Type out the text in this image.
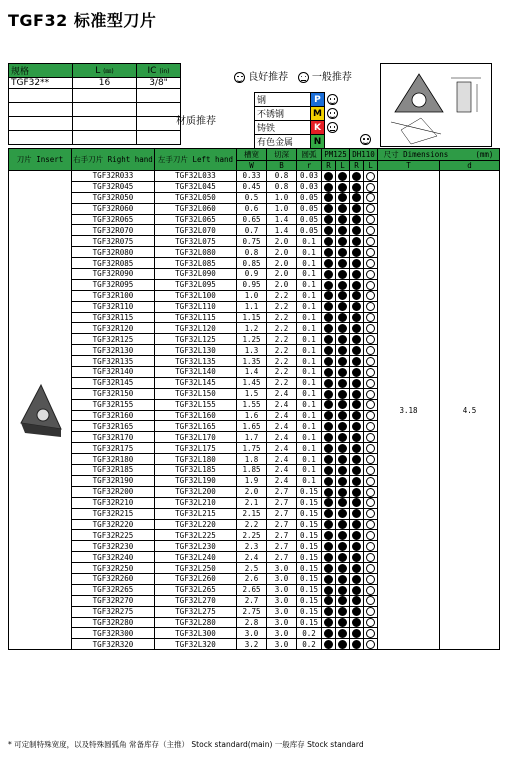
TGF32 标准型刀片
规格	L (㎜)	IC (in)
TGF32**	16	3/8"

			良好推荐 一般推荐
材质推荐
钢	P	
不锈钢	M	
铸铁	K	
有色金属	N	
刀片 Insert	右手刀片 Right hand	左手刀片 Left hand	槽宽	切深	圆弧	PM125		DH110		尺寸 Dimensions (mm)	
			W	B	r	R	L	R	L	T	d
	TGF32R033	TGF32L033	0.33	0.8	0.03					3.18	4.5
	TGF32R045	TGF32L045	0.45	0.8	0.03						
	TGF32R050	TGF32L050	0.5	1.0	0.05						
	TGF32R060	TGF32L060	0.6	1.0	0.05						
	TGF32R065	TGF32L065	0.65	1.4	0.05						
	TGF32R070	TGF32L070	0.7	1.4	0.05						
	TGF32R075	TGF32L075	0.75	2.0	0.1						
	TGF32R080	TGF32L080	0.8	2.0	0.1						
	TGF32R085	TGF32L085	0.85	2.0	0.1						
	TGF32R090	TGF32L090	0.9	2.0	0.1						
	TGF32R095	TGF32L095	0.95	2.0	0.1						
	TGF32R100	TGF32L100	1.0	2.2	0.1						
	TGF32R110	TGF32L110	1.1	2.2	0.1						
	TGF32R115	TGF32L115	1.15	2.2	0.1						
	TGF32R120	TGF32L120	1.2	2.2	0.1						
	TGF32R125	TGF32L125	1.25	2.2	0.1						
	TGF32R130	TGF32L130	1.3	2.2	0.1						
	TGF32R135	TGF32L135	1.35	2.2	0.1						
	TGF32R140	TGF32L140	1.4	2.2	0.1						
	TGF32R145	TGF32L145	1.45	2.2	0.1						
	TGF32R150	TGF32L150	1.5	2.4	0.1						
	TGF32R155	TGF32L155	1.55	2.4	0.1						
	TGF32R160	TGF32L160	1.6	2.4	0.1						
	TGF32R165	TGF32L165	1.65	2.4	0.1						
	TGF32R170	TGF32L170	1.7	2.4	0.1						
	TGF32R175	TGF32L175	1.75	2.4	0.1						
	TGF32R180	TGF32L180	1.8	2.4	0.1						
	TGF32R185	TGF32L185	1.85	2.4	0.1						
	TGF32R190	TGF32L190	1.9	2.4	0.1						
	TGF32R200	TGF32L200	2.0	2.7	0.15						
	TGF32R210	TGF32L210	2.1	2.7	0.15						
	TGF32R215	TGF32L215	2.15	2.7	0.15						
	TGF32R220	TGF32L220	2.2	2.7	0.15						
	TGF32R225	TGF32L225	2.25	2.7	0.15						
	TGF32R230	TGF32L230	2.3	2.7	0.15						
	TGF32R240	TGF32L240	2.4	2.7	0.15						
	TGF32R250	TGF32L250	2.5	3.0	0.15						
	TGF32R260	TGF32L260	2.6	3.0	0.15						
	TGF32R265	TGF32L265	2.65	3.0	0.15						
	TGF32R270	TGF32L270	2.7	3.0	0.15						
	TGF32R275	TGF32L275	2.75	3.0	0.15						
	TGF32R280	TGF32L280	2.8	3.0	0.15						
	TGF32R300	TGF32L300	3.0	3.0	0.2						
	TGF32R320	TGF32L320	3.2	3.0	0.2						
* 可定制特殊宽度，以及特殊圆弧角 常备库存（主推） Stock standard(main) 一般库存 Stock standard
